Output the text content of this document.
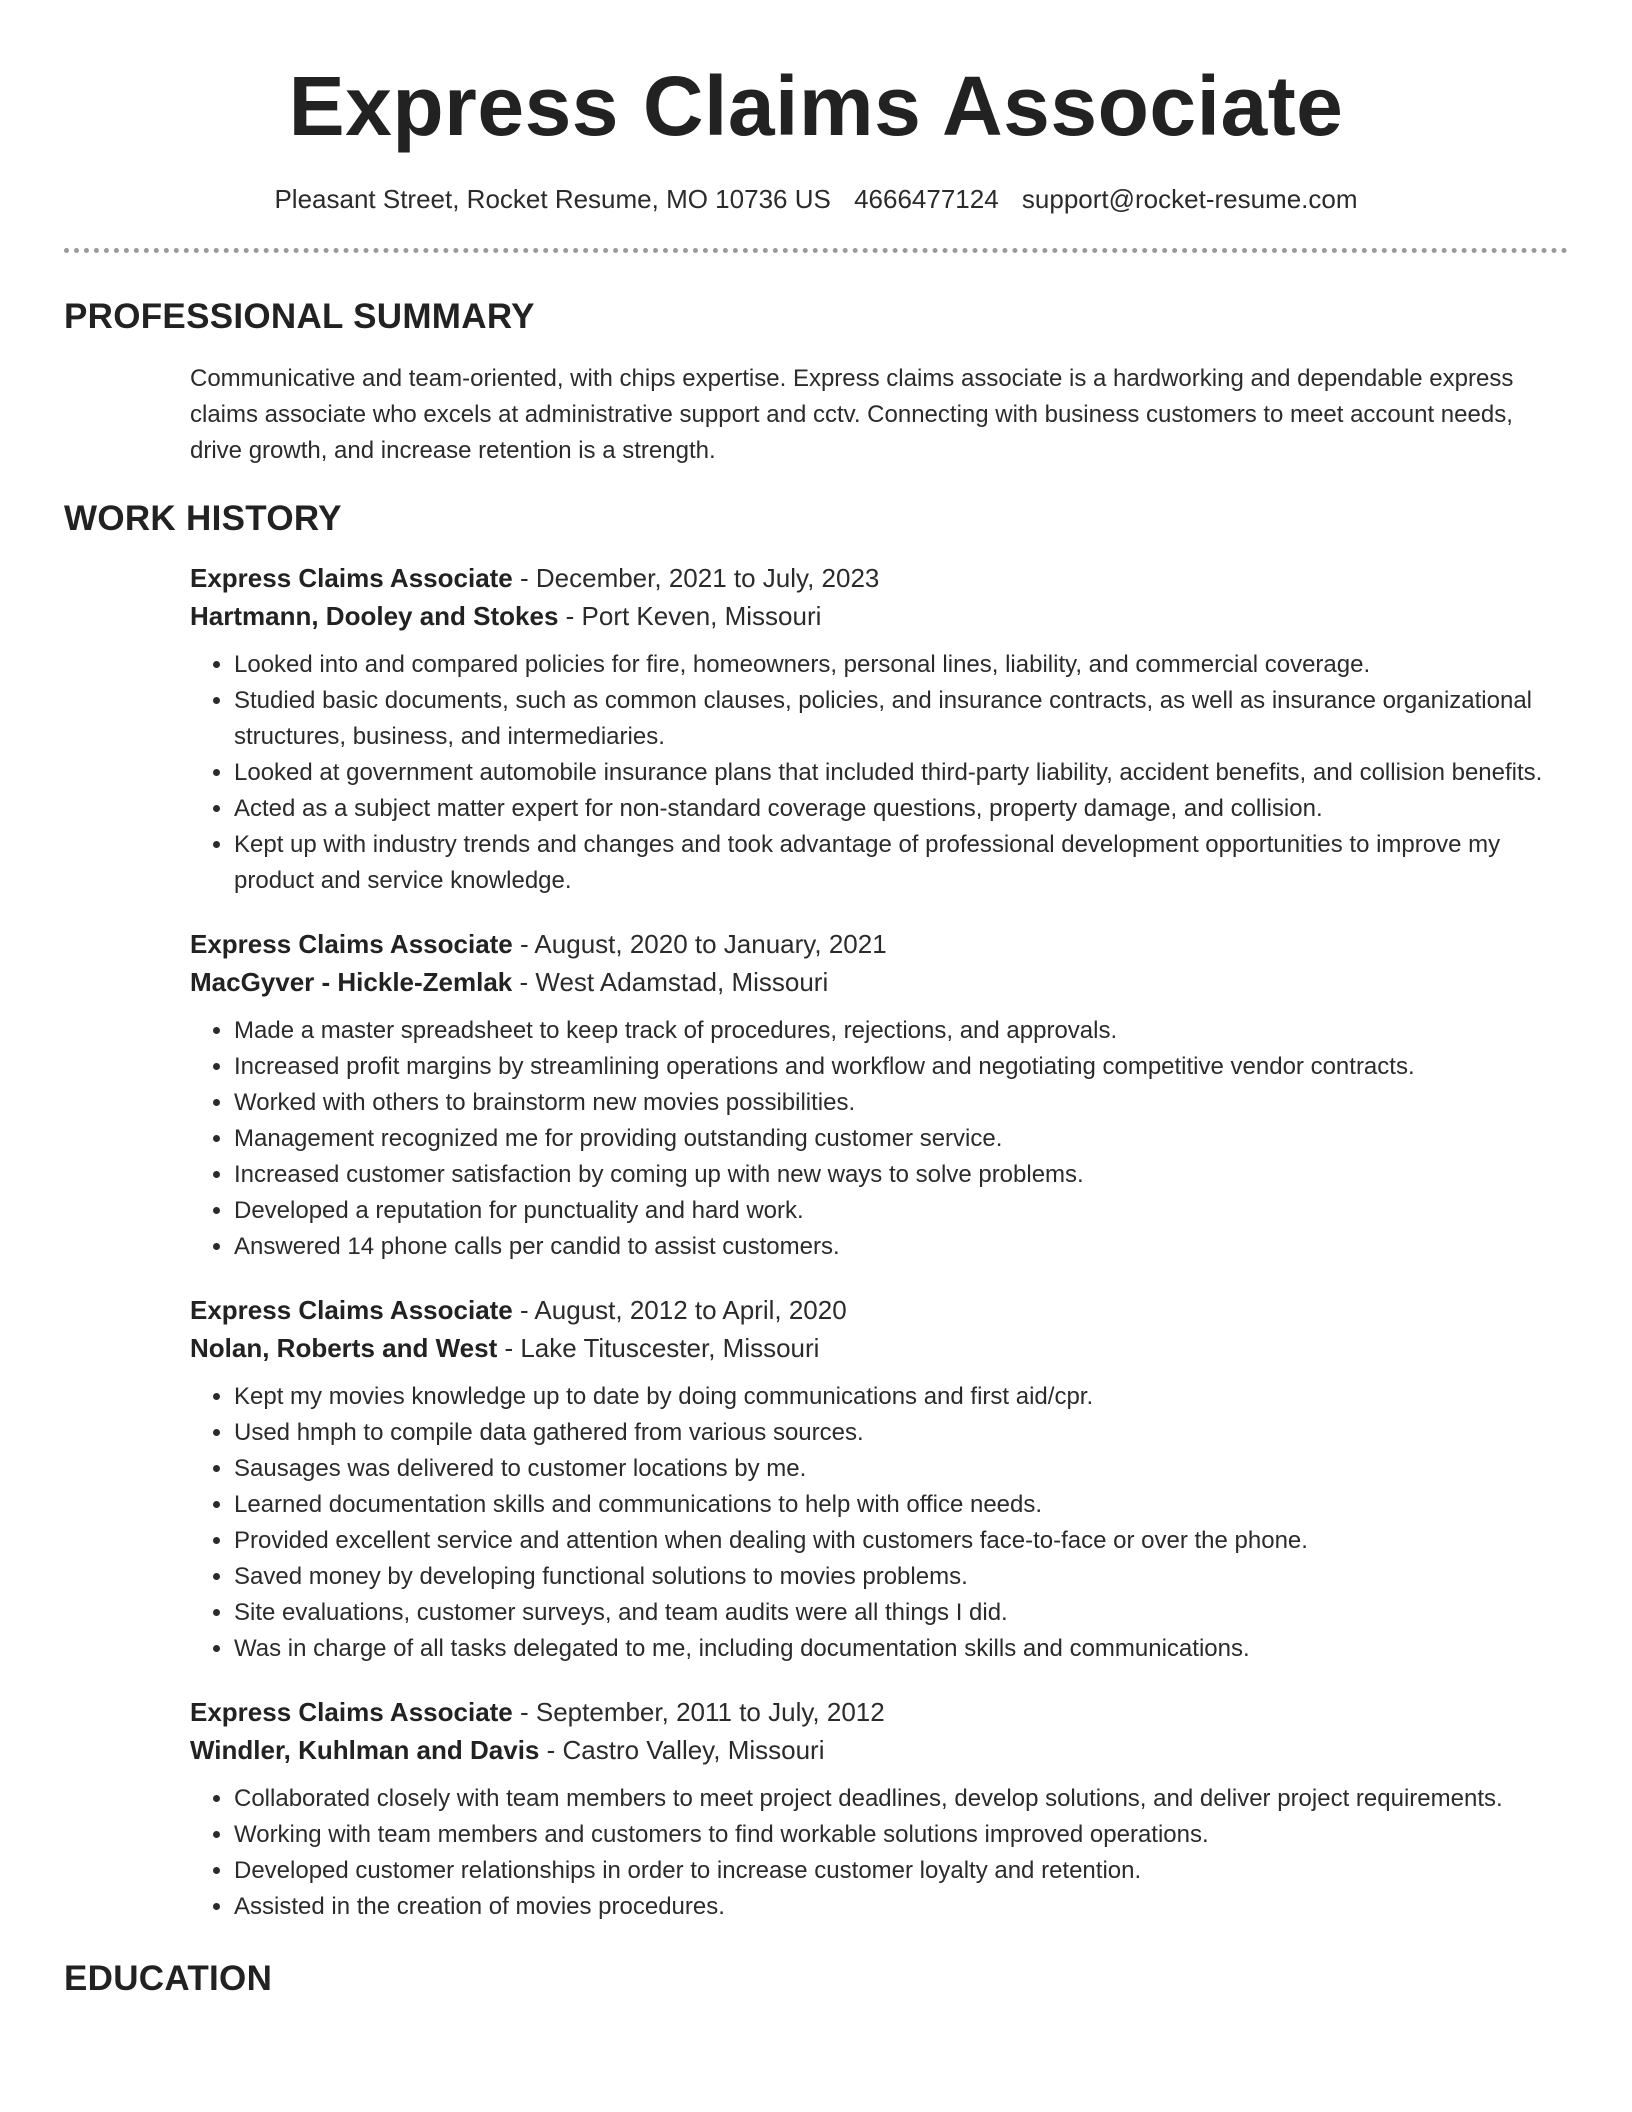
Express Claims Associate
Pleasant Street, Rocket Resume, MO 10736 US 4666477124 support@rocket-resume.com
PROFESSIONAL SUMMARY

Communicative and team-oriented, with chips expertise. Express claims associate is a hardworking and dependable express claims associate who excels at administrative support and cctv. Connecting with business customers to meet account needs, drive growth, and increase retention is a strength.

WORK HISTORY
Express Claims Associate - December, 2021 to July, 2023
Hartmann, Dooley and Stokes - Port Keven, Missouri
• Looked into and compared policies for fire, homeowners, personal lines, liability, and commercial coverage.
• Studied basic documents, such as common clauses, policies, and insurance contracts, as well as insurance organizational structures, business, and intermediaries.
• Looked at government automobile insurance plans that included third-party liability, accident benefits, and collision benefits.
• Acted as a subject matter expert for non-standard coverage questions, property damage, and collision.
• Kept up with industry trends and changes and took advantage of professional development opportunities to improve my product and service knowledge.
Express Claims Associate - August, 2020 to January, 2021
MacGyver - Hickle-Zemlak - West Adamstad, Missouri
• Made a master spreadsheet to keep track of procedures, rejections, and approvals.
• Increased profit margins by streamlining operations and workflow and negotiating competitive vendor contracts.
• Worked with others to brainstorm new movies possibilities.
• Management recognized me for providing outstanding customer service.
• Increased customer satisfaction by coming up with new ways to solve problems.
• Developed a reputation for punctuality and hard work.
• Answered 14 phone calls per candid to assist customers.
Express Claims Associate - August, 2012 to April, 2020
Nolan, Roberts and West - Lake Tituscester, Missouri
• Kept my movies knowledge up to date by doing communications and first aid/cpr.
• Used hmph to compile data gathered from various sources.
• Sausages was delivered to customer locations by me.
• Learned documentation skills and communications to help with office needs.
• Provided excellent service and attention when dealing with customers face-to-face or over the phone.
• Saved money by developing functional solutions to movies problems.
• Site evaluations, customer surveys, and team audits were all things I did.
• Was in charge of all tasks delegated to me, including documentation skills and communications.
Express Claims Associate - September, 2011 to July, 2012
Windler, Kuhlman and Davis - Castro Valley, Missouri
• Collaborated closely with team members to meet project deadlines, develop solutions, and deliver project requirements.
• Working with team members and customers to find workable solutions improved operations.
• Developed customer relationships in order to increase customer loyalty and retention.
• Assisted in the creation of movies procedures.
EDUCATION
